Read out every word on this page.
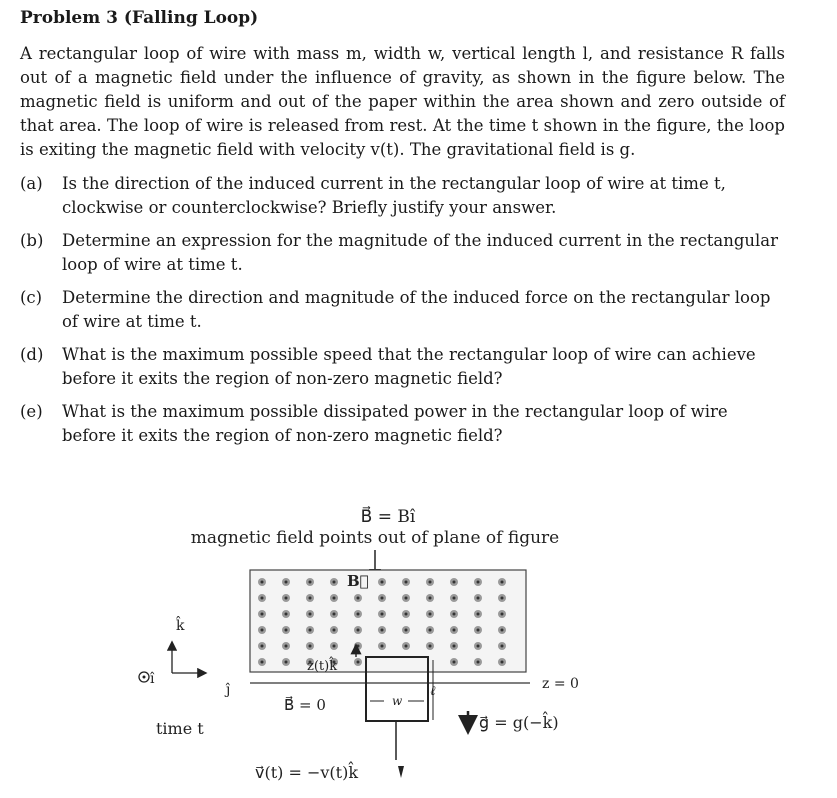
Problem 3 (Falling Loop)
A rectangular loop of wire with mass m, width w, vertical length l, and resistance R falls out of a magnetic field under the influence of gravity, as shown in the figure below. The magnetic field is uniform and out of the paper within the area shown and zero outside of that area. The loop of wire is released from rest. At the time t shown in the figure, the loop is exiting the magnetic field with velocity v(t). The gravitational field is g.
(a)	Is the direction of the induced current in the rectangular loop of wire at time t, clockwise or counterclockwise? Briefly justify your answer.
(b)	Determine an expression for the magnitude of the induced current in the rectangular loop of wire at time t.
(c)	Determine the direction and magnitude of the induced force on the rectangular loop of wire at time t.
(d)	What is the maximum possible speed that the rectangular loop of wire can achieve before it exits the region of non-zero magnetic field?
(e)	What is the maximum possible dissipated power in the rectangular loop of wire before it exits the region of non-zero magnetic field?
B⃗ = Bî
magnetic field points out of plane of figure
B⃗
z = 0
z(t)k̂
w
ℓ
B⃗ = 0
v⃗(t) = −v(t)k̂
g⃗ = g(−k̂)
k̂
ĵ
î
time t
